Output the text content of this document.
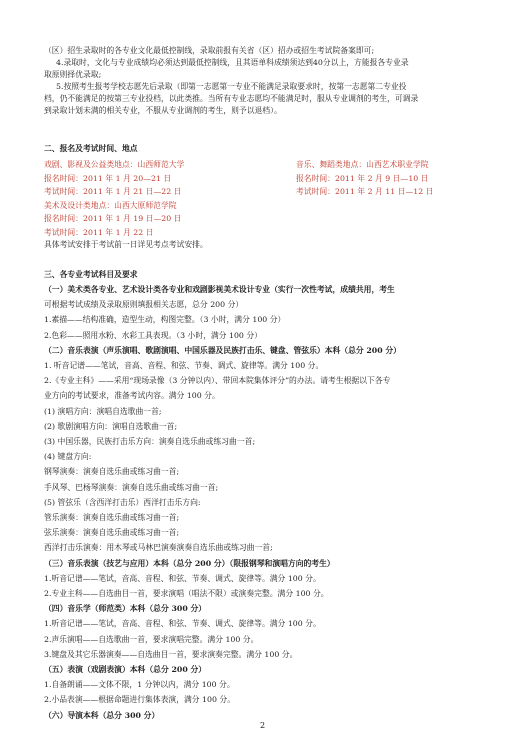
（区）招生录取时的各专业文化最低控制线，录取前报有关省（区）招办或招生考试院备案即可;
4.录取时，文化与专业成绩均必须达到最低控制线，且其语单科成绩须达到40分以上，方能报各专业录
取原则择优录取;
5.按照考生报考学校志愿先后录取（即第一志愿第一专业不能满足录取要求时，按第一志愿第二专业投
档，仍不能满足的按第三专业投档，以此类推。当所有专业志愿均不能满足时，服从专业调剂的考生，可调录
到录取计划未满的相关专业，不服从专业调剂的考生，则予以退档）。
二、报名及考试时间、地点
戏剧、影视及公益类地点：山西师范大学
报名时间：2011 年 1 月 20—21 日
考试时间：2011 年 1 月 21 日—22 日
美术及设计类地点：山西大原师范学院
报名时间：2011 年 1 月 19 日—20 日
考试时间：2011 年 1 月 22 日
音乐、舞蹈类地点：山西艺术职业学院
报名时间：2011 年 2 月 9 日—10 日
考试时间：2011 年 2 月 11 日—12 日
具体考试安排于考试前一日详见考点考试安排。
三、各专业考试科目及要求
（一）美术类各专业、艺术设计类各专业和戏剧影视美术设计专业（实行一次性考试，成绩共用，考生
可根据考试成绩及录取原则填报相关志愿，总分 200 分）
1.素描——结构准确，造型生动，构图完整。（3 小时，满分 100 分）
2.色彩——照用水粉、水彩工具表现。（3 小时，满分 100 分）
（二）音乐表演（声乐演唱、歌剧演唱、中国乐器及民族打击乐、键盘、管弦乐）本科（总分 200 分）
1. 听音记谱——笔试，音高、音程、和弦、节奏、调式、旋律等。满分 100 分。
2.《专业主科》——采用“现场录像（3 分钟以内）、带回本院集体评分”的办法。请考生根据以下各专
业方向的考试要求，准备考试内容。满分 100 分。
(1) 演唱方向：演唱自选歌曲一首;
(2) 歌剧演唱方向：演唱自选歌曲一首;
(3) 中国乐器，民族打击乐方向：演奏自选乐曲或练习曲一首;
(4) 键盘方向:
钢琴演奏：演奏自选乐曲或练习曲一首;
手风琴、巴杨琴演奏：演奏自选乐曲或练习曲一首;
(5) 管弦乐（含西洋打击乐）西洋打击乐方向:
管乐演奏：演奏自选乐曲或练习曲一首;
弦乐演奏：演奏自选乐曲或练习曲一首;
西洋打击乐演奏：用木琴或马林巴演奏演奏自选乐曲或练习曲一首;
（三）音乐表演（技艺与应用）本科（总分 200 分）（限报钢琴和演唱方向的考生）
1.听音记谱——笔试，音高、音程、和弦、节奏、调式、旋律等。满分 100 分。
2.专业主科——自选曲目一首，要求演唱（唱法不限）或演奏完整。满分 100 分。
（四）音乐学（师范类）本科（总分 300 分）
1.听音记谱——笔试，音高、音程、和弦、节奏、调式、旋律等。满分 100 分。
2.声乐演唱——自选歌曲一首，要求演唱完整。满分 100 分。
3.键盘及其它乐器演奏——自选曲目一首，要求演奏完整。满分 100 分。
（五）表演（戏剧表演）本科（总分 200 分）
1.自备朗诵——文体不限，1 分钟以内，满分 100 分。
2.小品表演——根据命题进行集体表演，满分 100 分。
（六）导演本科（总分 300 分）
2
